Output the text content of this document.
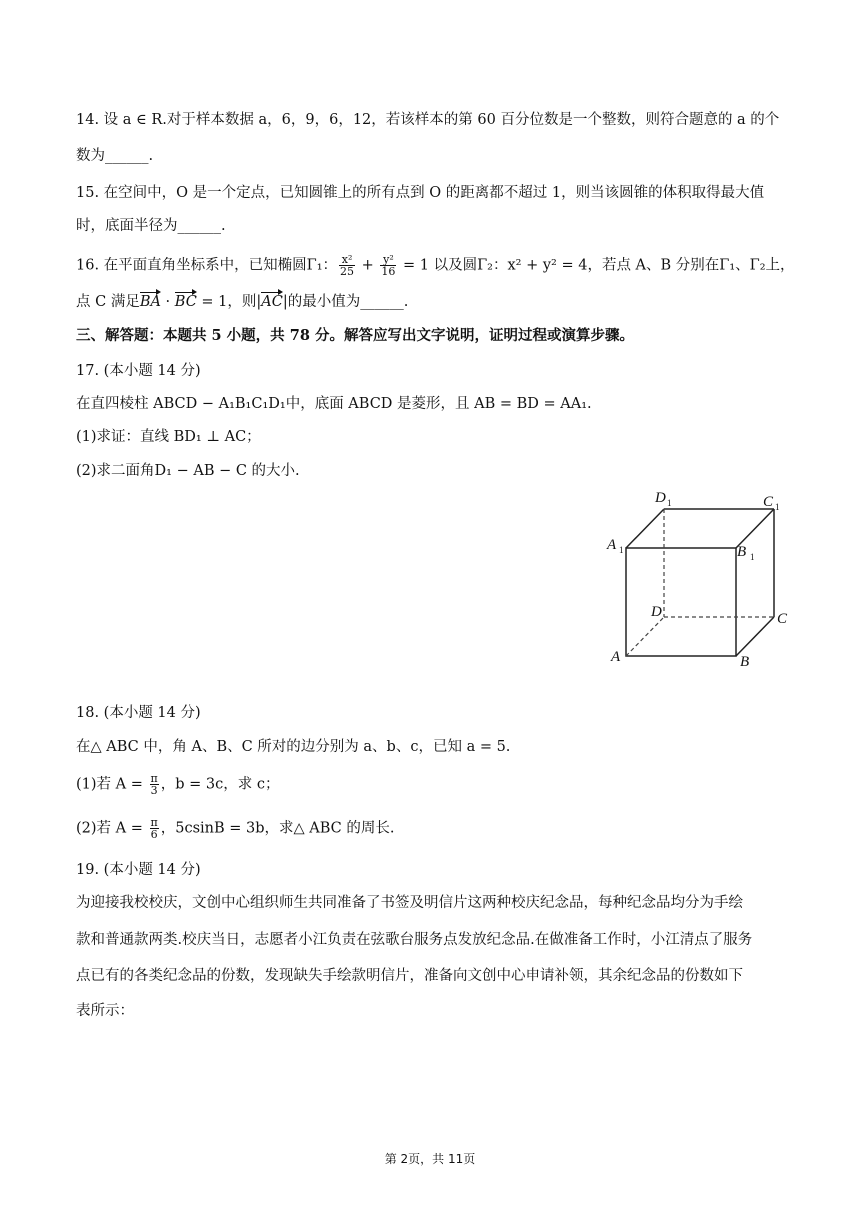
14. 设 a ∈ R.对于样本数据 a，6，9，6，12，若该样本的第 60 百分位数是一个整数，则符合题意的 a 的个
数为______.
15. 在空间中，O 是一个定点，已知圆锥上的所有点到 O 的距离都不超过 1，则当该圆锥的体积取得最大值
时，底面半径为______.
16. 在平面直角坐标系中，已知椭圆Γ₁： $\frac{\text{x²}}{25} + \frac{\text{y²}}{16} = 1$ 以及圆Γ₂：x² + y² = 4，若点 A、B 分别在Γ₁、Γ₂上，
点 C 满足BA · BC = 1，则|AC|的最小值为______.
三、解答题：本题共 5 小题，共 78 分。解答应写出文字说明，证明过程或演算步骤。
17. (本小题 14 分)
在直四棱柱 ABCD − A₁B₁C₁D₁中，底面 ABCD 是菱形，且 AB = BD = AA₁.
(1)求证：直线 BD₁ ⊥ AC；
(2)求二面角D₁ − AB − C 的大小.
D 1	C 1
A 1	B 1
D	C
A	B
18. (本小题 14 分)
在△ ABC 中，角 A、B、C 所对的边分别为 a、b、c，已知 a = 5.
(1)若 $A = \frac{\pi}{3}$ ，b = 3c，求 c；
(2)若 $A = \frac{\pi}{6}$ ，5csinB = 3b，求△ ABC 的周长.
19. (本小题 14 分)
为迎接我校校庆，文创中心组织师生共同准备了书签及明信片这两种校庆纪念品，每种纪念品均分为手绘
款和普通款两类.校庆当日，志愿者小江负责在弦歌台服务点发放纪念品.在做准备工作时，小江清点了服务
点已有的各类纪念品的份数，发现缺失手绘款明信片，准备向文创中心申请补领，其余纪念品的份数如下
表所示：
第 2页，共 11页
